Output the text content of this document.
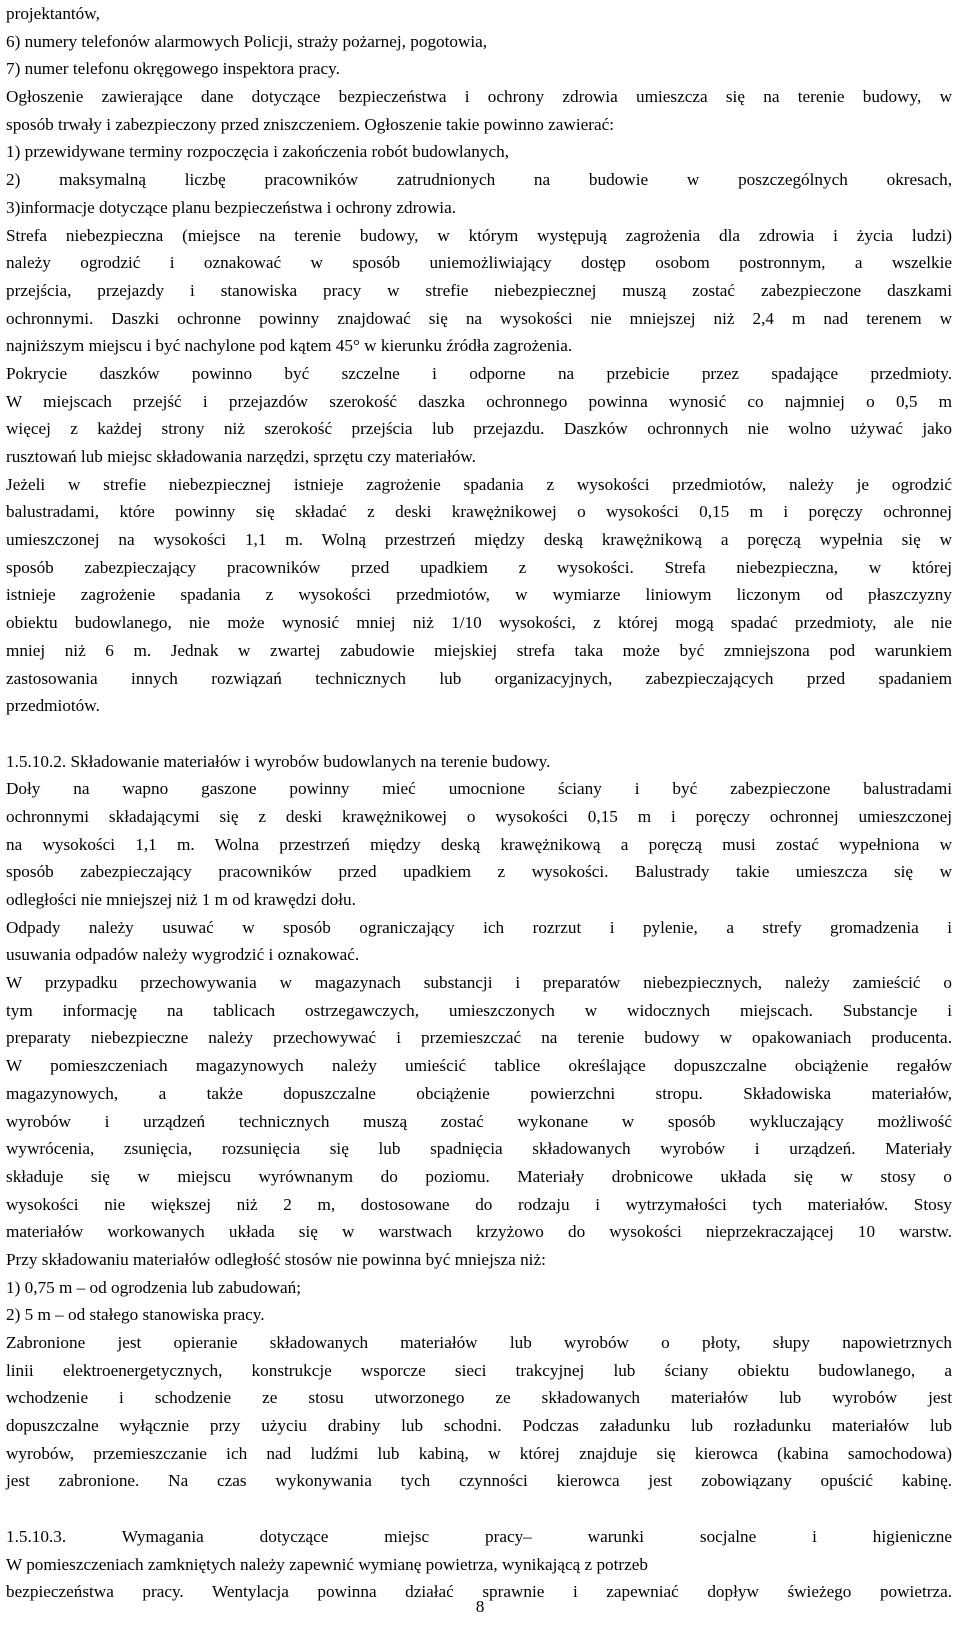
projektantów,
6) numery telefonów alarmowych Policji, straży pożarnej, pogotowia,
7) numer telefonu okręgowego inspektora pracy.
Ogłoszenie zawierające dane dotyczące bezpieczeństwa i ochrony zdrowia umieszcza się na terenie budowy, w
sposób trwały i zabezpieczony przed zniszczeniem. Ogłoszenie takie powinno zawierać:
1) przewidywane terminy rozpoczęcia i zakończenia robót budowlanych,
2) maksymalną liczbę pracowników zatrudnionych na budowie w poszczególnych okresach,
3)informacje dotyczące planu bezpieczeństwa i ochrony zdrowia.
Strefa niebezpieczna (miejsce na terenie budowy, w którym występują zagrożenia dla zdrowia i życia ludzi)
należy ogrodzić i oznakować w sposób uniemożliwiający dostęp osobom postronnym, a wszelkie
przejścia, przejazdy i stanowiska pracy w strefie niebezpiecznej muszą zostać zabezpieczone daszkami
ochronnymi. Daszki ochronne powinny znajdować się na wysokości nie mniejszej niż 2,4 m nad terenem w
najniższym miejscu i być nachylone pod kątem 45° w kierunku źródła zagrożenia.
Pokrycie daszków powinno być szczelne i odporne na przebicie przez spadające przedmioty.
W miejscach przejść i przejazdów szerokość daszka ochronnego powinna wynosić co najmniej o 0,5 m
więcej z każdej strony niż szerokość przejścia lub przejazdu. Daszków ochronnych nie wolno używać jako
rusztowań lub miejsc składowania narzędzi, sprzętu czy materiałów.
Jeżeli w strefie niebezpiecznej istnieje zagrożenie spadania z wysokości przedmiotów, należy je ogrodzić
balustradami, które powinny się składać z deski krawężnikowej o wysokości 0,15 m i poręczy ochronnej
umieszczonej na wysokości 1,1 m. Wolną przestrzeń między deską krawężnikową a poręczą wypełnia się w
sposób zabezpieczający pracowników przed upadkiem z wysokości. Strefa niebezpieczna, w której
istnieje zagrożenie spadania z wysokości przedmiotów, w wymiarze liniowym liczonym od płaszczyzny
obiektu budowlanego, nie może wynosić mniej niż 1/10 wysokości, z której mogą spadać przedmioty, ale nie
mniej niż 6 m. Jednak w zwartej zabudowie miejskiej strefa taka może być zmniejszona pod warunkiem
zastosowania innych rozwiązań technicznych lub organizacyjnych, zabezpieczających przed spadaniem
przedmiotów.
1.5.10.2. Składowanie materiałów i wyrobów budowlanych na terenie budowy.
Doły na wapno gaszone powinny mieć umocnione ściany i być zabezpieczone balustradami
ochronnymi składającymi się z deski krawężnikowej o wysokości 0,15 m i poręczy ochronnej umieszczonej
na wysokości 1,1 m. Wolna przestrzeń między deską krawężnikową a poręczą musi zostać wypełniona w
sposób zabezpieczający pracowników przed upadkiem z wysokości. Balustrady takie umieszcza się w
odległości nie mniejszej niż 1 m od krawędzi dołu.
Odpady należy usuwać w sposób ograniczający ich rozrzut i pylenie, a strefy gromadzenia i
usuwania odpadów należy wygrodzić i oznakować.
W przypadku przechowywania w magazynach substancji i preparatów niebezpiecznych, należy zamieścić o
tym informację na tablicach ostrzegawczych, umieszczonych w widocznych miejscach. Substancje i
preparaty niebezpieczne należy przechowywać i przemieszczać na terenie budowy w opakowaniach producenta.
W pomieszczeniach magazynowych należy umieścić tablice określające dopuszczalne obciążenie regałów
magazynowych, a także dopuszczalne obciążenie powierzchni stropu. Składowiska materiałów,
wyrobów i urządzeń technicznych muszą zostać wykonane w sposób wykluczający możliwość
wywrócenia, zsunięcia, rozsunięcia się lub spadnięcia składowanych wyrobów i urządzeń. Materiały
składuje się w miejscu wyrównanym do poziomu. Materiały drobnicowe układa się w stosy o
wysokości nie większej niż 2 m, dostosowane do rodzaju i wytrzymałości tych materiałów. Stosy
materiałów workowanych układa się w warstwach krzyżowo do wysokości nieprzekraczającej 10 warstw.
Przy składowaniu materiałów odległość stosów nie powinna być mniejsza niż:
1) 0,75 m – od ogrodzenia lub zabudowań;
2) 5 m – od stałego stanowiska pracy.
Zabronione jest opieranie składowanych materiałów lub wyrobów o płoty, słupy napowietrznych
linii elektroenergetycznych, konstrukcje wsporcze sieci trakcyjnej lub ściany obiektu budowlanego, a
wchodzenie i schodzenie ze stosu utworzonego ze składowanych materiałów lub wyrobów jest
dopuszczalne wyłącznie przy użyciu drabiny lub schodni. Podczas załadunku lub rozładunku materiałów lub
wyrobów, przemieszczanie ich nad ludźmi lub kabiną, w której znajduje się kierowca (kabina samochodowa)
jest zabronione. Na czas wykonywania tych czynności kierowca jest zobowiązany opuścić kabinę.
1.5.10.3. Wymagania dotyczące miejsc pracy– warunki socjalne i higieniczne
W pomieszczeniach zamkniętych należy zapewnić wymianę powietrza, wynikającą z potrzeb
bezpieczeństwa pracy. Wentylacja powinna działać sprawnie i zapewniać dopływ świeżego powietrza.
8
